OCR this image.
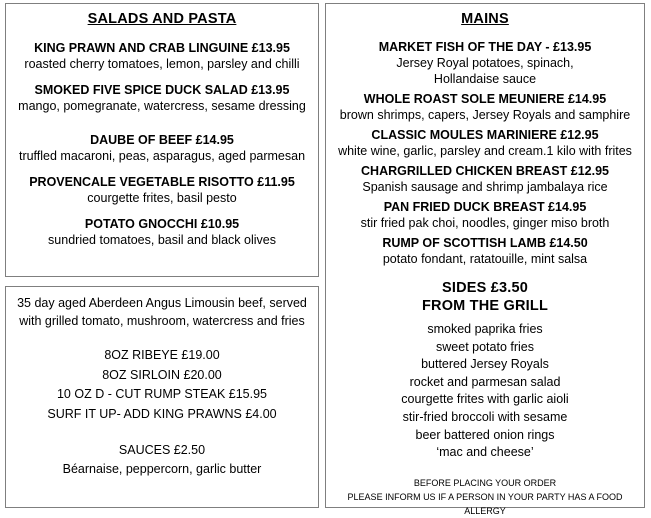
SALADS AND PASTA
KING PRAWN AND CRAB LINGUINE £13.95
roasted cherry tomatoes, lemon, parsley and chilli
SMOKED FIVE SPICE DUCK SALAD £13.95
mango, pomegranate, watercress, sesame dressing
DAUBE OF BEEF £14.95
truffled macaroni, peas, asparagus, aged parmesan
PROVENCALE VEGETABLE RISOTTO £11.95
courgette frites, basil pesto
POTATO GNOCCHI £10.95
sundried tomatoes, basil and black olives
35 day aged Aberdeen Angus Limousin beef, served with grilled tomato, mushroom, watercress and fries
8OZ RIBEYE £19.00
8OZ SIRLOIN £20.00
10 OZ D - CUT RUMP STEAK £15.95
SURF IT UP- ADD KING PRAWNS £4.00
SAUCES £2.50
Béarnaise, peppercorn, garlic butter
MAINS
MARKET FISH OF THE DAY - £13.95
Jersey Royal potatoes, spinach,
Hollandaise sauce
WHOLE ROAST SOLE MEUNIERE £14.95
brown shrimps, capers, Jersey Royals and samphire
CLASSIC MOULES MARINIERE £12.95
white wine, garlic, parsley and cream.1 kilo with frites
CHARGRILLED CHICKEN BREAST £12.95
Spanish sausage and shrimp jambalaya rice
PAN FRIED DUCK BREAST £14.95
stir fried pak choi, noodles, ginger miso broth
RUMP OF SCOTTISH LAMB £14.50
potato fondant, ratatouille, mint salsa
SIDES £3.50
FROM THE GRILL
smoked paprika fries
sweet potato fries
buttered Jersey Royals
rocket and parmesan salad
courgette frites with garlic aioli
stir-fried broccoli with sesame
beer battered onion rings
‘mac and cheese’
BEFORE PLACING YOUR ORDER
PLEASE INFORM US IF A PERSON IN YOUR PARTY HAS A FOOD ALLERGY
